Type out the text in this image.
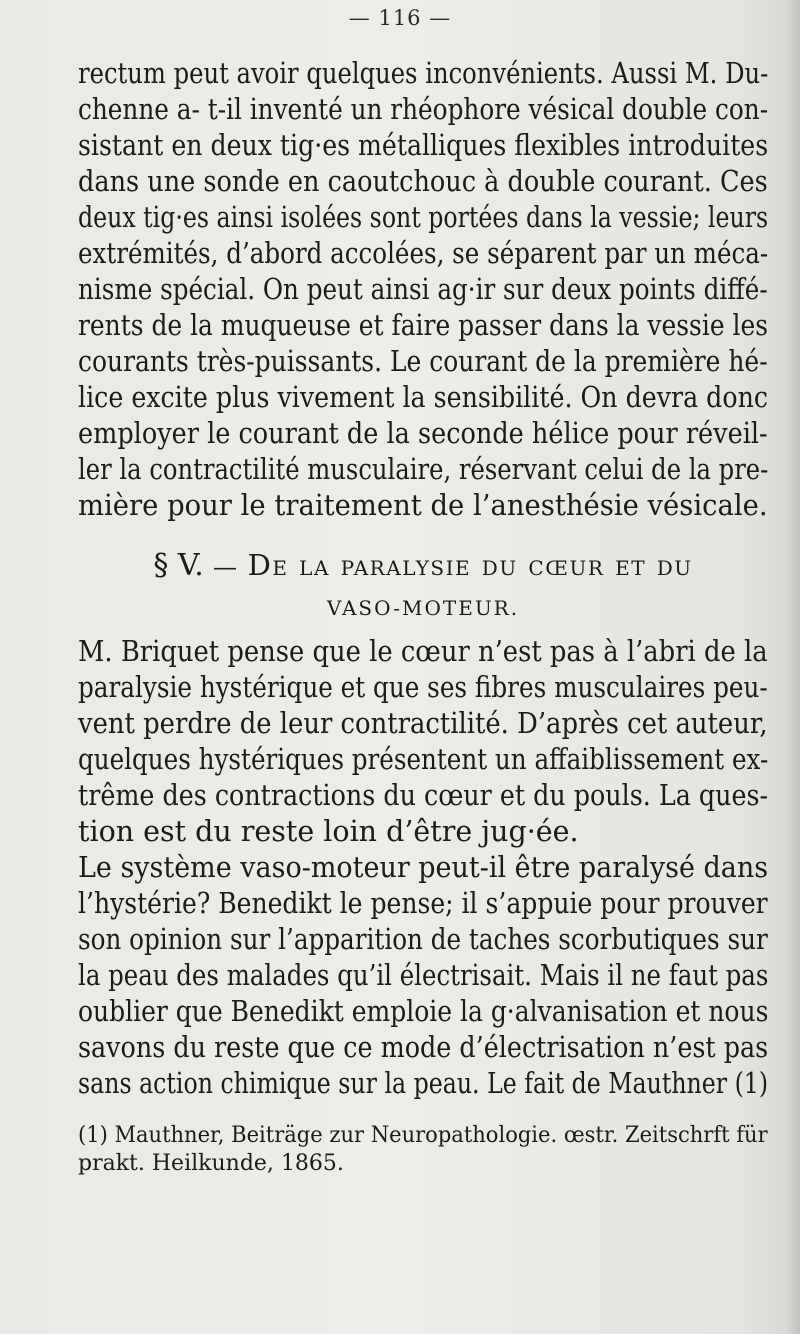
— 116 —
rectum peut avoir quelques inconvénients. Aussi M. Du-
chenne a- t-il inventé un rhéophore vésical double con-
sistant en deux tig·es métalliques flexibles introduites
dans une sonde en caoutchouc à double courant. Ces
deux tig·es ainsi isolées sont portées dans la vessie; leurs
extrémités, d’abord accolées, se séparent par un méca-
nisme spécial. On peut ainsi ag·ir sur deux points diffé-
rents de la muqueuse et faire passer dans la vessie les
courants très-puissants. Le courant de la première hé-
lice excite plus vivement la sensibilité. On devra donc
employer le courant de la seconde hélice pour réveil-
ler la contractilité musculaire, réservant celui de la pre-
mière pour le traitement de l’anesthésie vésicale.
§ V. — De la paralysie du cœur et du
VASO-MOTEUR.
M. Briquet pense que le cœur n’est pas à l’abri de la
paralysie hystérique et que ses fibres musculaires peu-
vent perdre de leur contractilité. D’après cet auteur,
quelques hystériques présentent un affaiblissement ex-
trême des contractions du cœur et du pouls. La ques-
tion est du reste loin d’être jug·ée.
Le système vaso-moteur peut-il être paralysé dans
l’hystérie? Benedikt le pense; il s’appuie pour prouver
son opinion sur l’apparition de taches scorbutiques sur
la peau des malades qu’il électrisait. Mais il ne faut pas
oublier que Benedikt emploie la g·alvanisation et nous
savons du reste que ce mode d’électrisation n’est pas
sans action chimique sur la peau. Le fait de Mauthner (1)
(1) Mauthner, Beiträge zur Neuropathologie. œstr. Zeitschrft für
prakt. Heilkunde, 1865.
